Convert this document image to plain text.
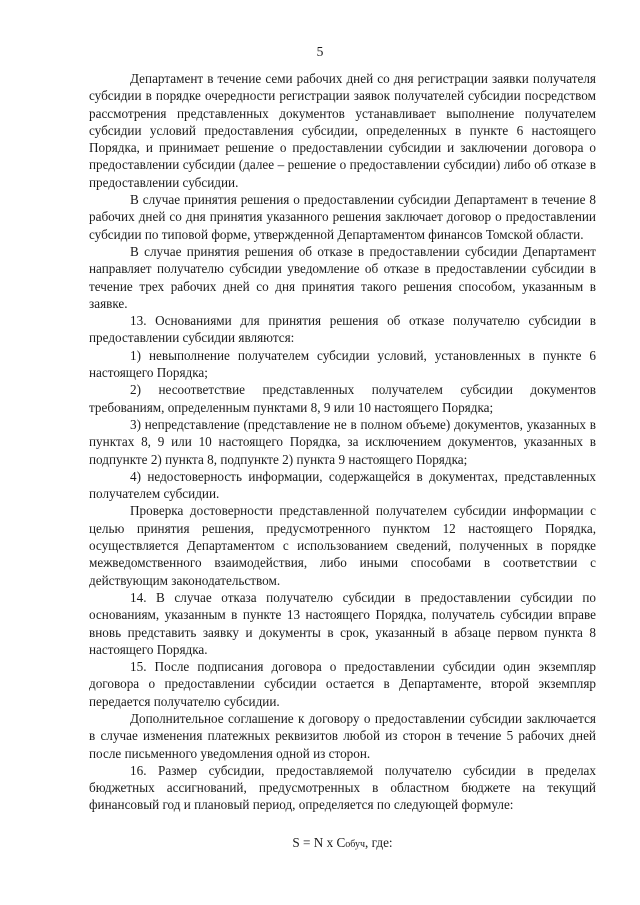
5

Департамент в течение семи рабочих дней со дня регистрации заявки получателя субсидии в порядке очередности регистрации заявок получателей субсидии посредством рассмотрения представленных документов устанавливает выполнение получателем субсидии условий предоставления субсидии, определенных в пункте 6 настоящего Порядка, и принимает решение о предоставлении субсидии и заключении договора о предоставлении субсидии (далее – решение о предоставлении субсидии) либо об отказе в предоставлении субсидии.

В случае принятия решения о предоставлении субсидии Департамент в течение 8 рабочих дней со дня принятия указанного решения заключает договор о предоставлении субсидии по типовой форме, утвержденной Департаментом финансов Томской области.

В случае принятия решения об отказе в предоставлении субсидии Департамент направляет получателю субсидии уведомление об отказе в предоставлении субсидии в течение трех рабочих дней со дня принятия такого решения способом, указанным в заявке.

13. Основаниями для принятия решения об отказе получателю субсидии в предоставлении субсидии являются:

1) невыполнение получателем субсидии условий, установленных в пункте 6 настоящего Порядка;

2) несоответствие представленных получателем субсидии документов требованиям, определенным пунктами 8, 9 или 10 настоящего Порядка;

3) непредставление (представление не в полном объеме) документов, указанных в пунктах 8, 9 или 10 настоящего Порядка, за исключением документов, указанных в подпункте 2) пункта 8, подпункте 2) пункта 9 настоящего Порядка;

4) недостоверность информации, содержащейся в документах, представленных получателем субсидии.

Проверка достоверности представленной получателем субсидии информации с целью принятия решения, предусмотренного пунктом 12 настоящего Порядка, осуществляется Департаментом с использованием сведений, полученных в порядке межведомственного взаимодействия, либо иными способами в соответствии с действующим законодательством.

14. В случае отказа получателю субсидии в предоставлении субсидии по основаниям, указанным в пункте 13 настоящего Порядка, получатель субсидии вправе вновь представить заявку и документы в срок, указанный в абзаце первом пункта 8 настоящего Порядка.

15. После подписания договора о предоставлении субсидии один экземпляр договора о предоставлении субсидии остается в Департаменте, второй экземпляр передается получателю субсидии.

Дополнительное соглашение к договору о предоставлении субсидии заключается в случае изменения платежных реквизитов любой из сторон в течение 5 рабочих дней после письменного уведомления одной из сторон.

16. Размер субсидии, предоставляемой получателю субсидии в пределах бюджетных ассигнований, предусмотренных в областном бюджете на текущий финансовый год и плановый период, определяется по следующей формуле:

S = N x Cобуч, где:
